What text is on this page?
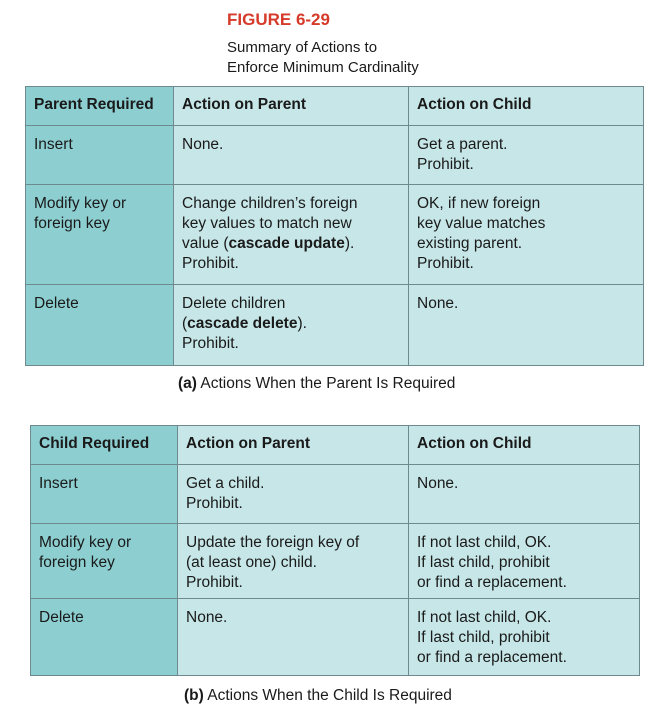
FIGURE 6-29
Summary of Actions to
Enforce Minimum Cardinality
Parent Required	Action on Parent	Action on Child

Insert	None.	Get a parent.
Prohibit.

Modify key or
foreign key	Change children’s foreign
key values to match new
value (cascade update).
Prohibit.	OK, if new foreign
key value matches
existing parent.
Prohibit.

Delete	Delete children
(cascade delete).
Prohibit.	None.
(a) Actions When the Parent Is Required
Child Required	Action on Parent	Action on Child

Insert	Get a child.
Prohibit.	None.

Modify key or
foreign key	Update the foreign key of
(at least one) child.
Prohibit.	If not last child, OK.
If last child, prohibit
or find a replacement.

Delete	None.	If not last child, OK.
If last child, prohibit
or find a replacement.
(b) Actions When the Child Is Required
